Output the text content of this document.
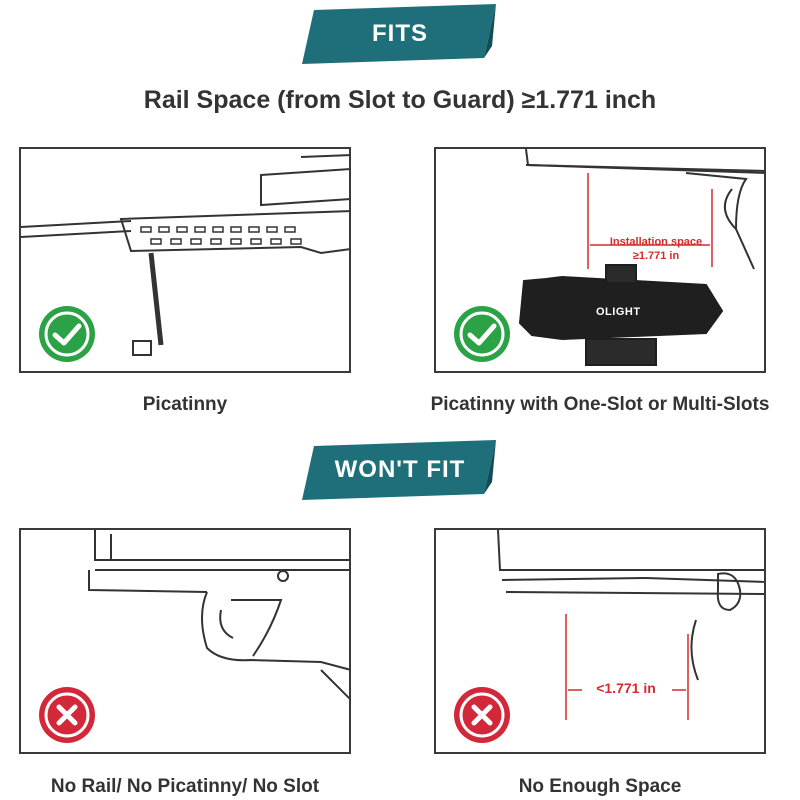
FITS
Rail Space (from Slot to Guard) ≥1.771 inch
Installation space
≥1.771 in
OLIGHT
Picatinny	Picatinny with One-Slot or Multi-Slots
WON'T FIT
<1.771 in
No Rail/ No Picatinny/ No Slot	No Enough Space
